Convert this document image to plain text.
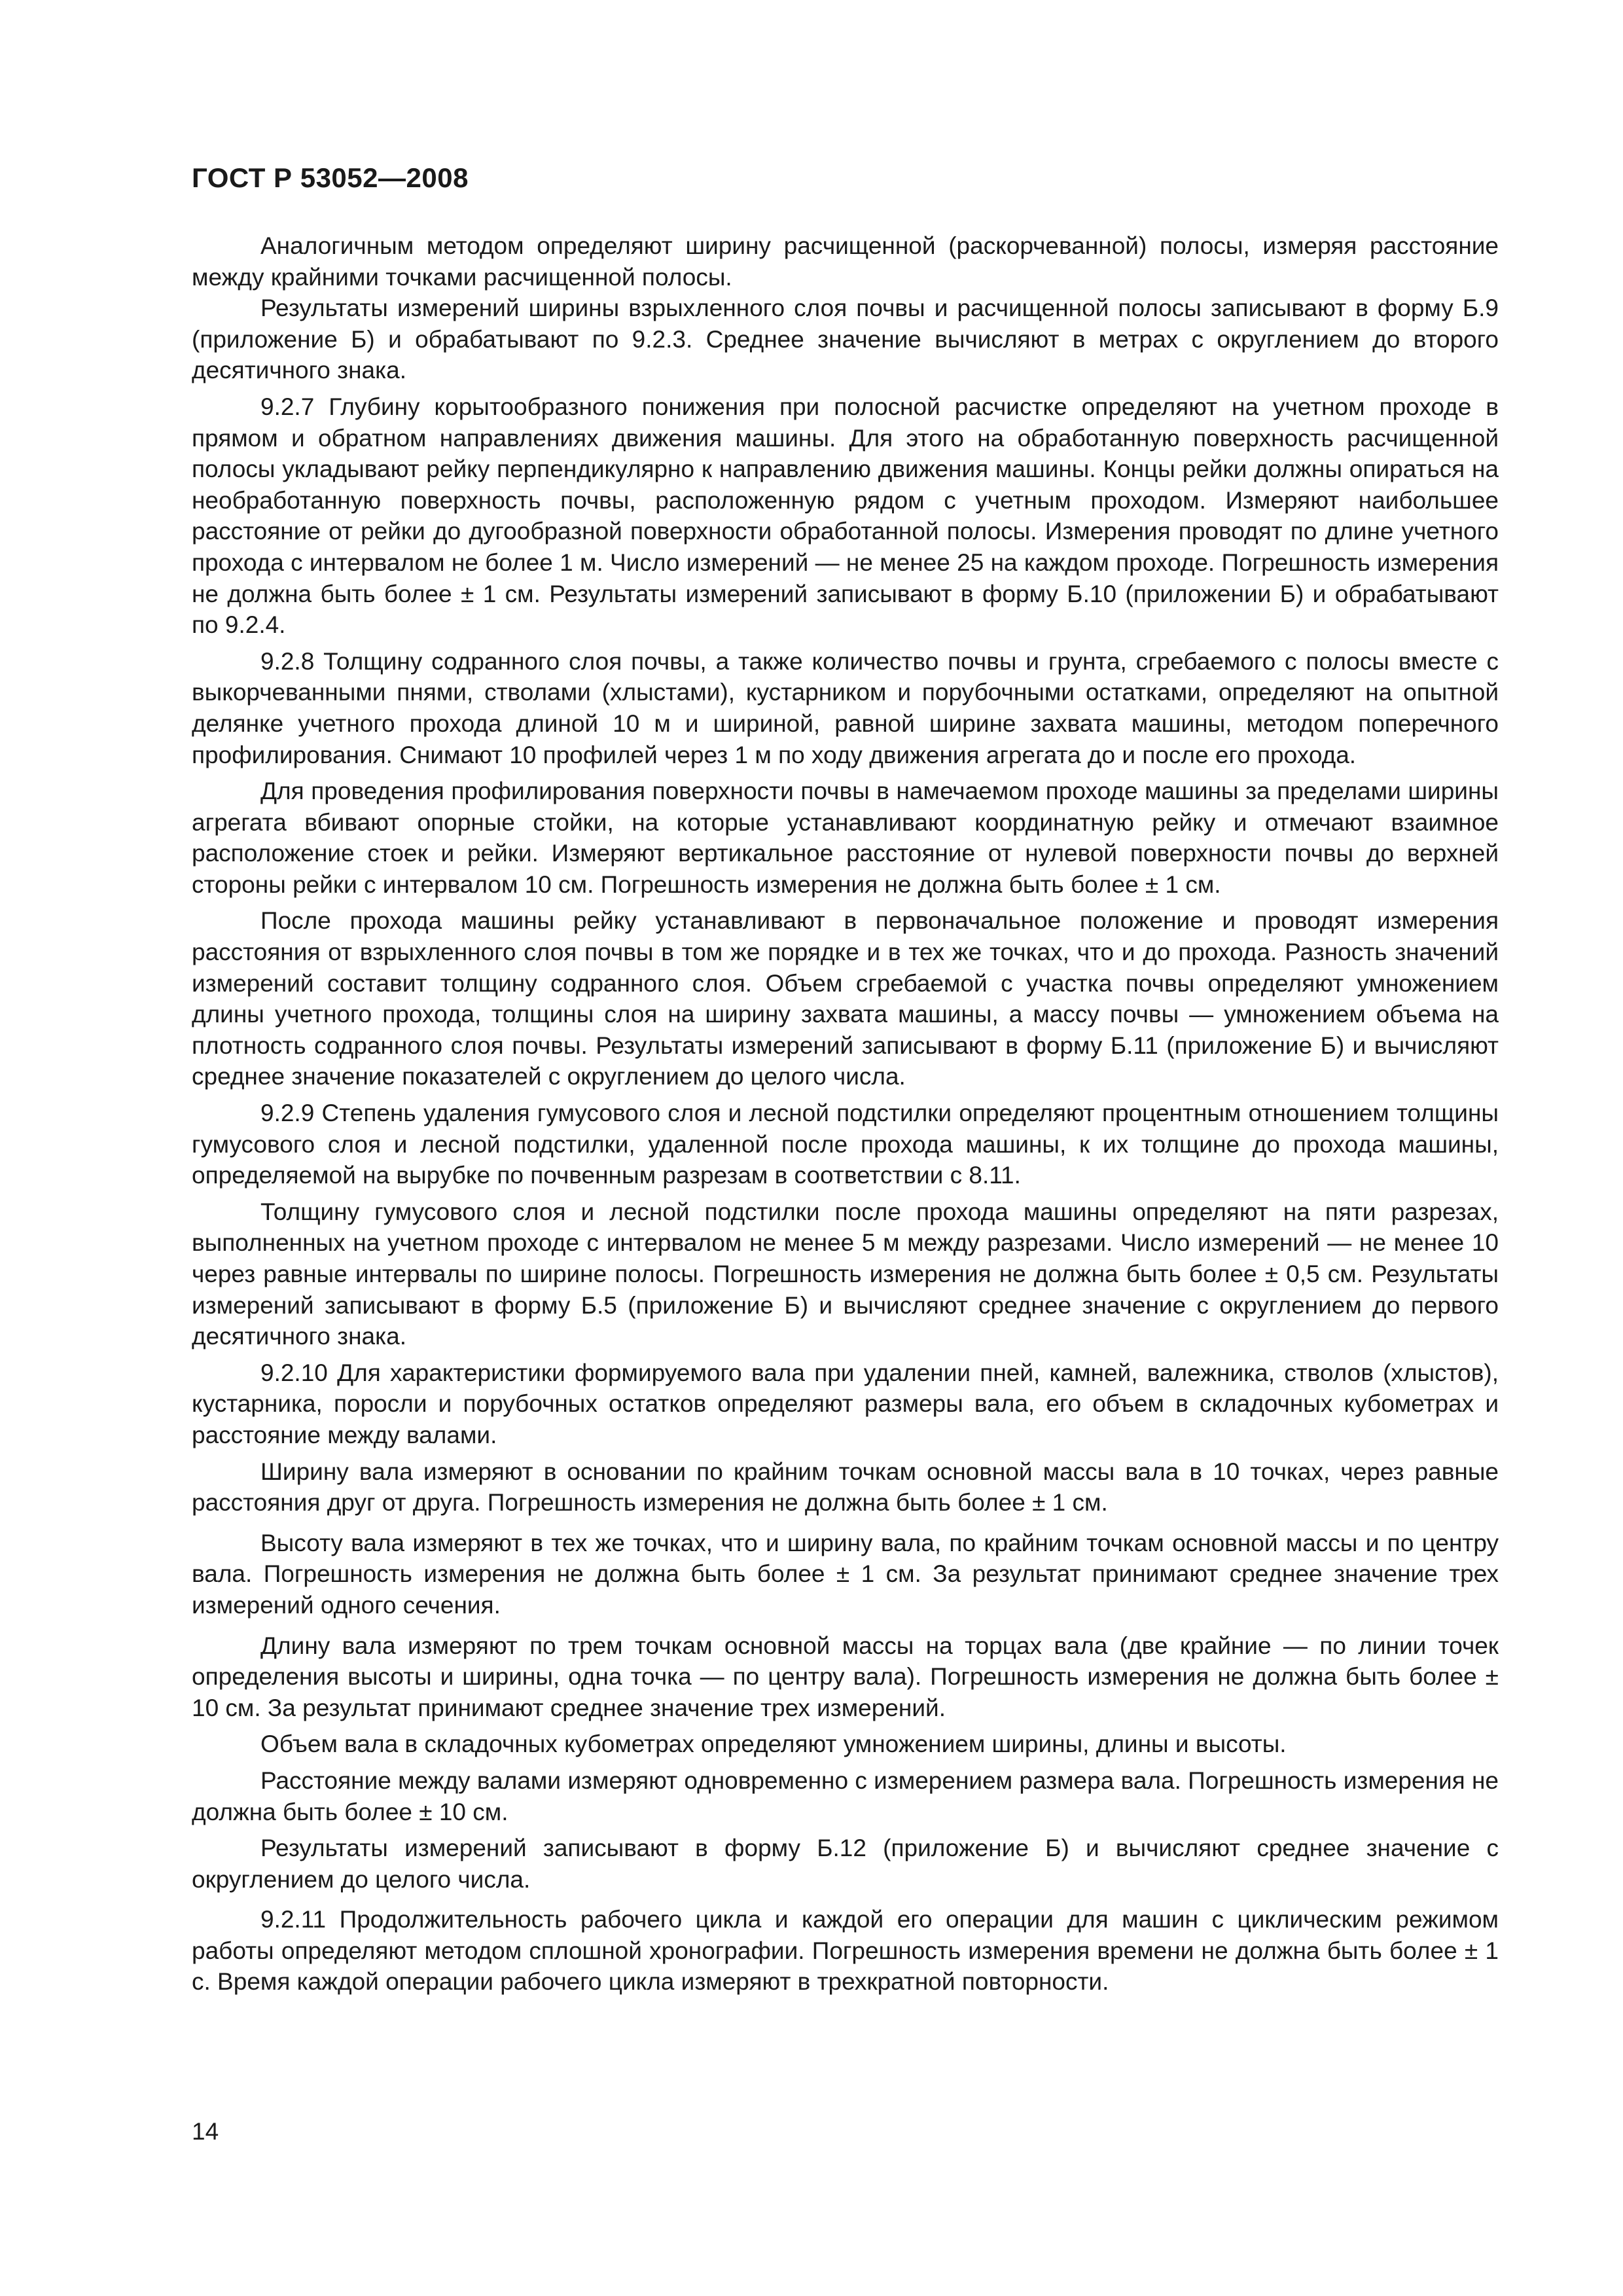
ГОСТ Р 53052—2008

Аналогичным методом определяют ширину расчищенной (раскорчеванной) полосы, измеряя расстояние между крайними точками расчищенной полосы.

Результаты измерений ширины взрыхленного слоя почвы и расчищенной полосы записывают в форму Б.9 (приложение Б) и обрабатывают по 9.2.3. Среднее значение вычисляют в метрах с округлением до второго десятичного знака.

9.2.7 Глубину корытообразного понижения при полосной расчистке определяют на учетном проходе в прямом и обратном направлениях движения машины. Для этого на обработанную поверхность расчищенной полосы укладывают рейку перпендикулярно к направлению движения машины. Концы рейки должны опираться на необработанную поверхность почвы, расположенную рядом с учетным проходом. Измеряют наибольшее расстояние от рейки до дугообразной поверхности обработанной полосы. Измерения проводят по длине учетного прохода с интервалом не более 1 м. Число измерений — не менее 25 на каждом проходе. Погрешность измерения не должна быть более ± 1 см. Результаты измерений записывают в форму Б.10 (приложении Б) и обрабатывают по 9.2.4.

9.2.8 Толщину содранного слоя почвы, а также количество почвы и грунта, сгребаемого с полосы вместе с выкорчеванными пнями, стволами (хлыстами), кустарником и порубочными остатками, определяют на опытной делянке учетного прохода длиной 10 м и шириной, равной ширине захвата машины, методом поперечного профилирования. Снимают 10 профилей через 1 м по ходу движения агрегата до и после его прохода.

Для проведения профилирования поверхности почвы в намечаемом проходе машины за пределами ширины агрегата вбивают опорные стойки, на которые устанавливают координатную рейку и отмечают взаимное расположение стоек и рейки. Измеряют вертикальное расстояние от нулевой поверхности почвы до верхней стороны рейки с интервалом 10 см. Погрешность измерения не должна быть более ± 1 см.

После прохода машины рейку устанавливают в первоначальное положение и проводят измерения расстояния от взрыхленного слоя почвы в том же порядке и в тех же точках, что и до прохода. Разность значений измерений составит толщину содранного слоя. Объем сгребаемой с участка почвы определяют умножением длины учетного прохода, толщины слоя на ширину захвата машины, а массу почвы — умножением объема на плотность содранного слоя почвы. Результаты измерений записывают в форму Б.11 (приложение Б) и вычисляют среднее значение показателей с округлением до целого числа.

9.2.9 Степень удаления гумусового слоя и лесной подстилки определяют процентным отношением толщины гумусового слоя и лесной подстилки, удаленной после прохода машины, к их толщине до прохода машины, определяемой на вырубке по почвенным разрезам в соответствии с 8.11.

Толщину гумусового слоя и лесной подстилки после прохода машины определяют на пяти разрезах, выполненных на учетном проходе с интервалом не менее 5 м между разрезами. Число измерений — не менее 10 через равные интервалы по ширине полосы. Погрешность измерения не должна быть более ± 0,5 см. Результаты измерений записывают в форму Б.5 (приложение Б) и вычисляют среднее значение с округлением до первого десятичного знака.

9.2.10 Для характеристики формируемого вала при удалении пней, камней, валежника, стволов (хлыстов), кустарника, поросли и порубочных остатков определяют размеры вала, его объем в складочных кубометрах и расстояние между валами.

Ширину вала измеряют в основании по крайним точкам основной массы вала в 10 точках, через равные расстояния друг от друга. Погрешность измерения не должна быть более ± 1 см.

Высоту вала измеряют в тех же точках, что и ширину вала, по крайним точкам основной массы и по центру вала. Погрешность измерения не должна быть более ± 1 см. За результат принимают среднее значение трех измерений одного сечения.

Длину вала измеряют по трем точкам основной массы на торцах вала (две крайние — по линии точек определения высоты и ширины, одна точка — по центру вала). Погрешность измерения не должна быть более ± 10 см. За результат принимают среднее значение трех измерений.

Объем вала в складочных кубометрах определяют умножением ширины, длины и высоты.

Расстояние между валами измеряют одновременно с измерением размера вала. Погрешность измерения не должна быть более ± 10 см.

Результаты измерений записывают в форму Б.12 (приложение Б) и вычисляют среднее значение с округлением до целого числа.

9.2.11 Продолжительность рабочего цикла и каждой его операции для машин с циклическим режимом работы определяют методом сплошной хронографии. Погрешность измерения времени не должна быть более ± 1 с. Время каждой операции рабочего цикла измеряют в трехкратной повторности.

14
